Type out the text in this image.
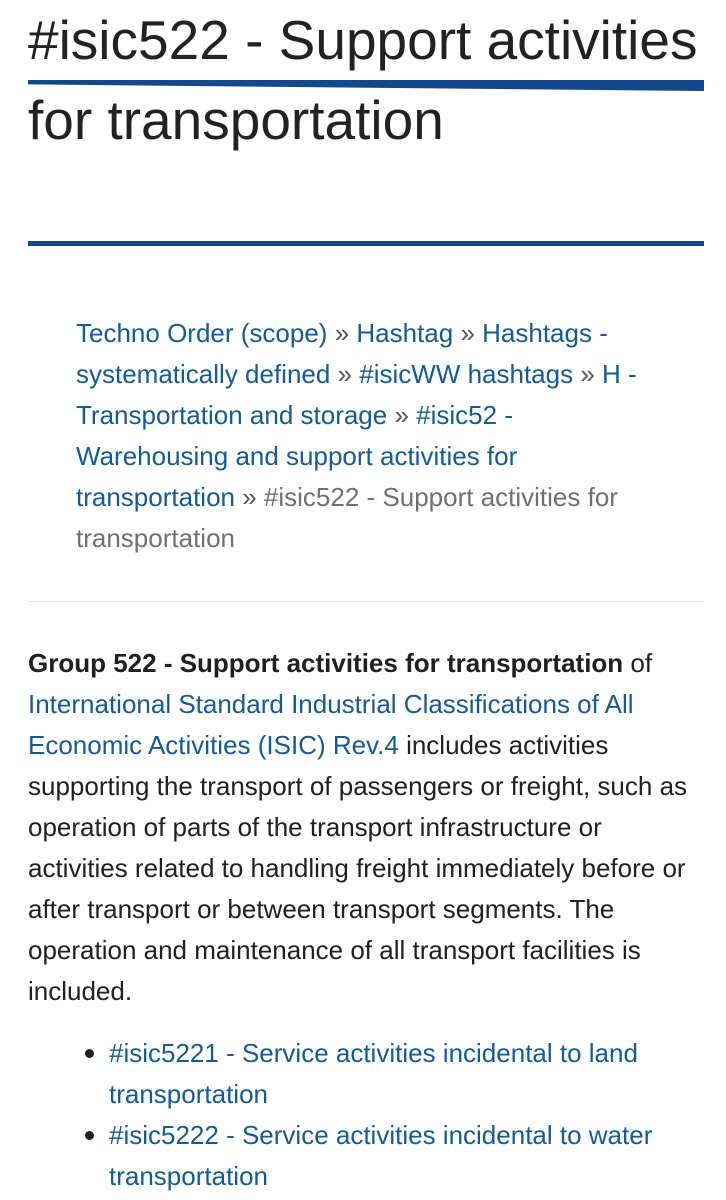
#isic522 - Support activities for transportation
Techno Order (scope) » Hashtag » Hashtags - systematically defined » #isicWW hashtags » H - Transportation and storage » #isic52 - Warehousing and support activities for transportation » #isic522 - Support activities for transportation

Group 522 - Support activities for transportation of International Standard Industrial Classifications of All Economic Activities (ISIC) Rev.4 includes activities supporting the transport of passengers or freight, such as operation of parts of the transport infrastructure or activities related to handling freight immediately before or after transport or between transport segments. The operation and maintenance of all transport facilities is included.

#isic5221 - Service activities incidental to land transportation
#isic5222 - Service activities incidental to water transportation
